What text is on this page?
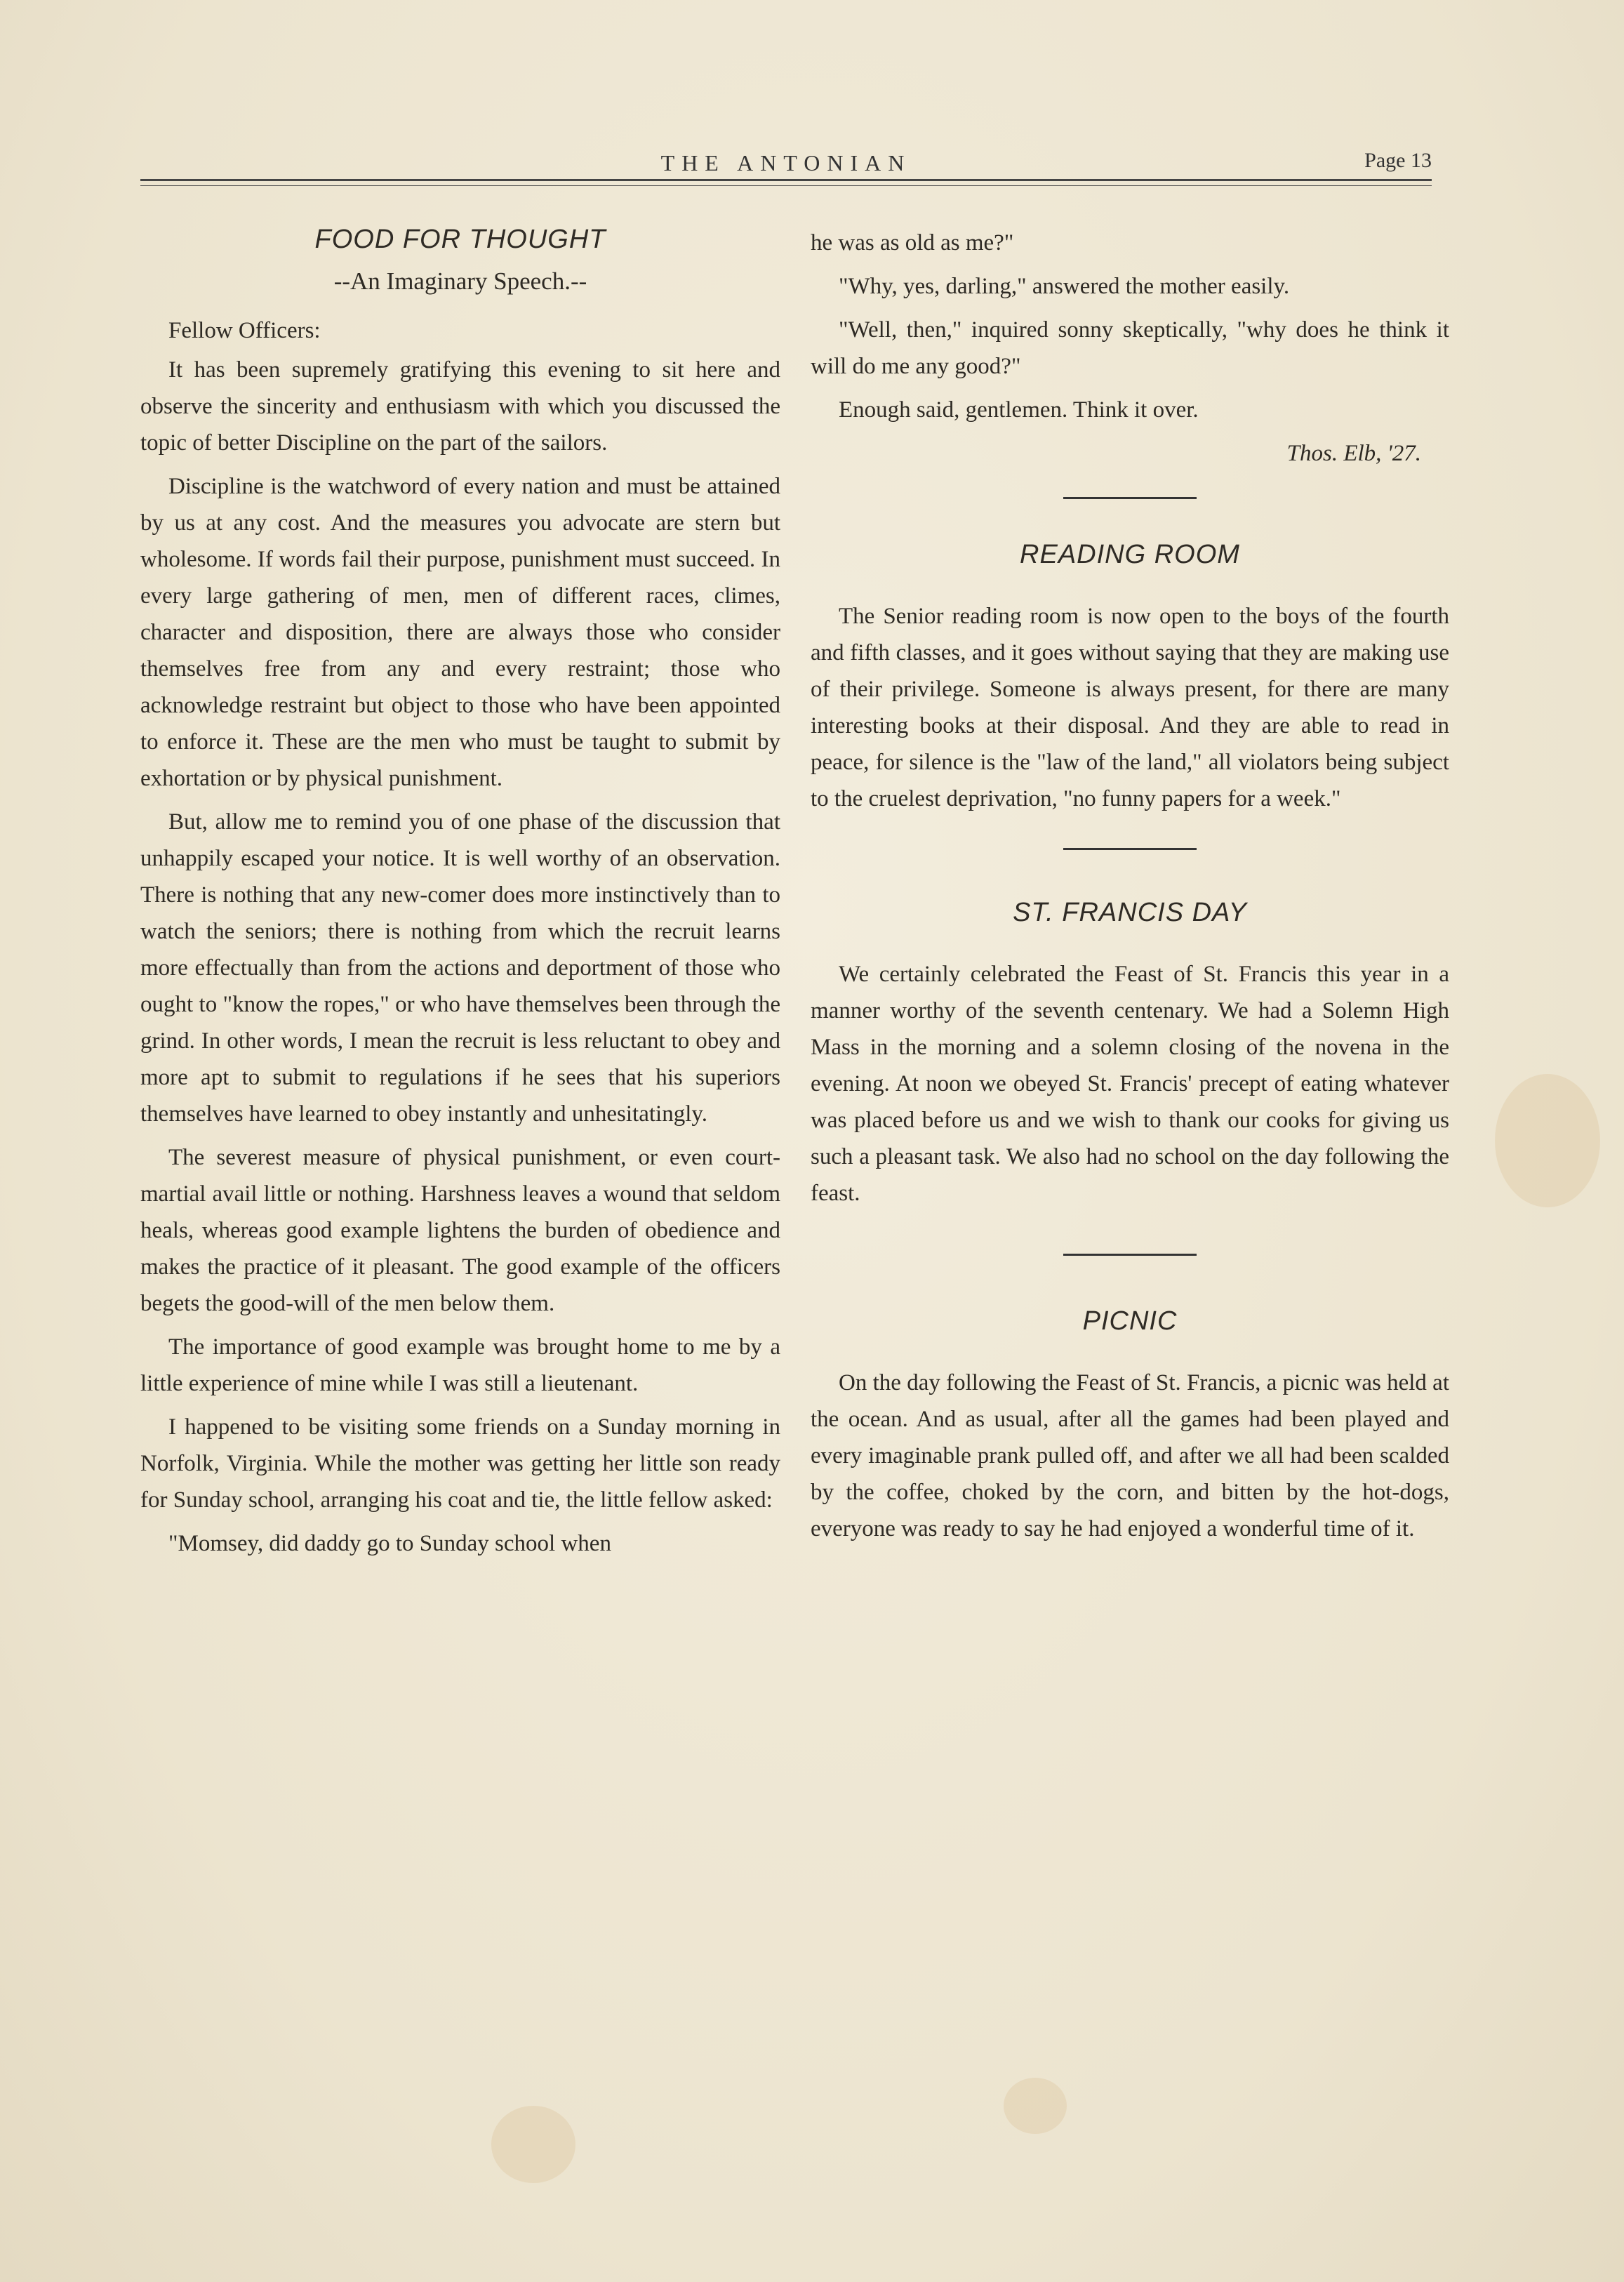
THE ANTONIAN	Page 13
FOOD FOR THOUGHT
--An Imaginary Speech.--

Fellow Officers:

It has been supremely gratifying this evening to sit here and observe the sincerity and enthusiasm with which you discussed the topic of better Discipline on the part of the sailors.

Discipline is the watchword of every nation and must be attained by us at any cost. And the measures you advocate are stern but wholesome. If words fail their purpose, punishment must succeed. In every large gathering of men, men of different races, climes, character and disposition, there are always those who consider themselves free from any and every restraint; those who acknowledge restraint but object to those who have been appointed to enforce it. These are the men who must be taught to submit by exhortation or by physical punishment.

But, allow me to remind you of one phase of the discussion that unhappily escaped your notice. It is well worthy of an observation. There is nothing that any new-comer does more instinctively than to watch the seniors; there is nothing from which the recruit learns more effectually than from the actions and deportment of those who ought to "know the ropes," or who have themselves been through the grind. In other words, I mean the recruit is less reluctant to obey and more apt to submit to regulations if he sees that his superiors themselves have learned to obey instantly and unhesitatingly.

The severest measure of physical punishment, or even court-martial avail little or nothing. Harshness leaves a wound that seldom heals, whereas good example lightens the burden of obedience and makes the practice of it pleasant. The good example of the officers begets the good-will of the men below them.

The importance of good example was brought home to me by a little experience of mine while I was still a lieutenant.

I happened to be visiting some friends on a Sunday morning in Norfolk, Virginia. While the mother was getting her little son ready for Sunday school, arranging his coat and tie, the little fellow asked:

"Momsey, did daddy go to Sunday school when

he was as old as me?"

"Why, yes, darling," answered the mother easily.

"Well, then," inquired sonny skeptically, "why does he think it will do me any good?"

Enough said, gentlemen. Think it over.

Thos. Elb, '27.

READING ROOM

The Senior reading room is now open to the boys of the fourth and fifth classes, and it goes without saying that they are making use of their privilege. Someone is always present, for there are many interesting books at their disposal. And they are able to read in peace, for silence is the "law of the land," all violators being subject to the cruelest deprivation, "no funny papers for a week."

ST. FRANCIS DAY

We certainly celebrated the Feast of St. Francis this year in a manner worthy of the seventh centenary. We had a Solemn High Mass in the morning and a solemn closing of the novena in the evening. At noon we obeyed St. Francis' precept of eating whatever was placed before us and we wish to thank our cooks for giving us such a pleasant task. We also had no school on the day following the feast.

PICNIC

On the day following the Feast of St. Francis, a picnic was held at the ocean. And as usual, after all the games had been played and every imaginable prank pulled off, and after we all had been scalded by the coffee, choked by the corn, and bitten by the hot-dogs, everyone was ready to say he had enjoyed a wonderful time of it.
